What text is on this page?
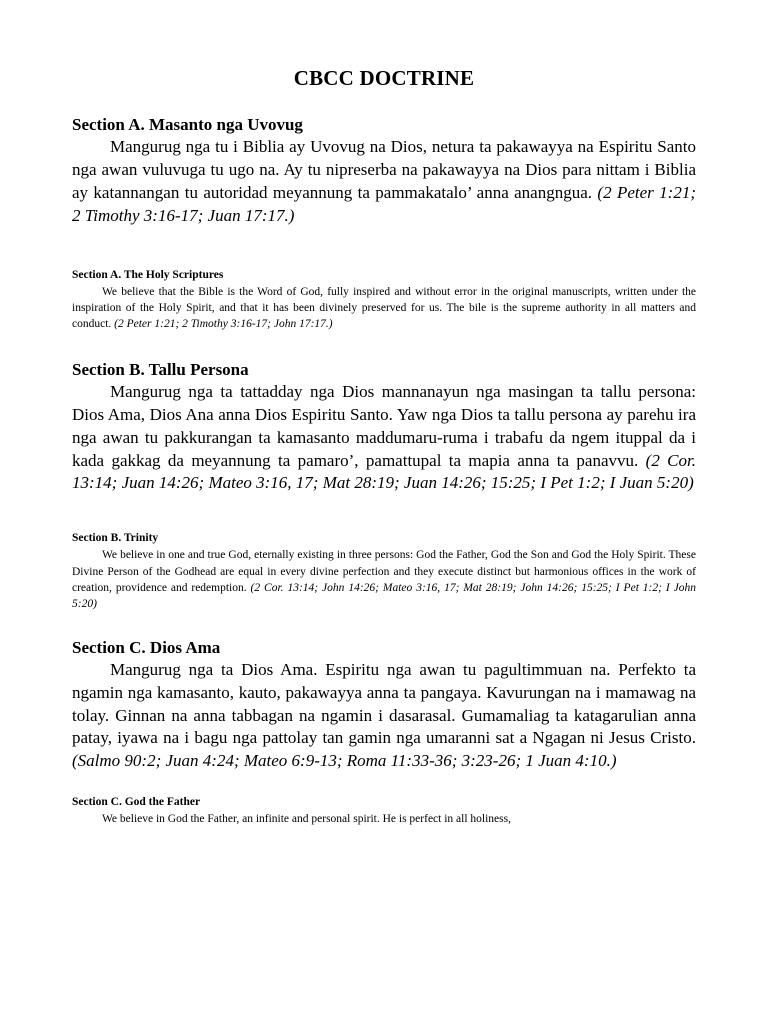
CBCC DOCTRINE
Section A. Masanto nga Uvovug

Mangurug nga tu i Biblia ay Uvovug na Dios, netura ta pakawayya na Espiritu Santo nga awan vuluvuga tu ugo na. Ay tu nipreserba na pakawayya na Dios para nittam i Biblia ay katannangan tu autoridad meyannung ta pammakatalo’ anna anangngua. (2 Peter 1:21; 2 Timothy 3:16-17; Juan 17:17.)

Section A. The Holy Scriptures

We believe that the Bible is the Word of God, fully inspired and without error in the original manuscripts, written under the inspiration of the Holy Spirit, and that it has been divinely preserved for us. The bile is the supreme authority in all matters and conduct. (2 Peter 1:21; 2 Timothy 3:16-17; John 17:17.)

Section B. Tallu Persona

Mangurug nga ta tattadday nga Dios mannanayun nga masingan ta tallu persona: Dios Ama, Dios Ana anna Dios Espiritu Santo. Yaw nga Dios ta tallu persona ay parehu ira nga awan tu pakkurangan ta kamasanto maddumaru-ruma i trabafu da ngem ituppal da i kada gakkag da meyannung ta pamaro’, pamattupal ta mapia anna ta panavvu. (2 Cor. 13:14; Juan 14:26; Mateo 3:16, 17; Mat 28:19; Juan 14:26; 15:25; I Pet 1:2; I Juan 5:20)

Section B. Trinity

We believe in one and true God, eternally existing in three persons: God the Father, God the Son and God the Holy Spirit. These Divine Person of the Godhead are equal in every divine perfection and they execute distinct but harmonious offices in the work of creation, providence and redemption. (2 Cor. 13:14; John 14:26; Mateo 3:16, 17; Mat 28:19; John 14:26; 15:25; I Pet 1:2; I John 5:20)

Section C. Dios Ama

Mangurug nga ta Dios Ama. Espiritu nga awan tu pagultimmuan na. Perfekto ta ngamin nga kamasanto, kauto, pakawayya anna ta pangaya. Kavurungan na i mamawag na tolay. Ginnan na anna tabbagan na ngamin i dasarasal. Gumamaliag ta katagarulian anna patay, iyawa na i bagu nga pattolay tan gamin nga umaranni sat a Ngagan ni Jesus Cristo. (Salmo 90:2; Juan 4:24; Mateo 6:9-13; Roma 11:33-36; 3:23-26; 1 Juan 4:10.)

Section C. God the Father

We believe in God the Father, an infinite and personal spirit. He is perfect in all holiness,
